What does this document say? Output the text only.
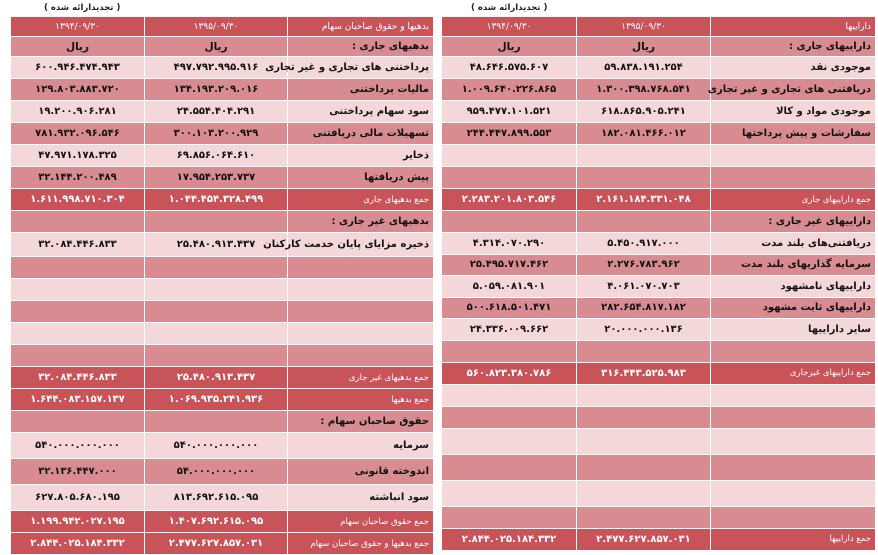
( تجدیدارائه شده )
۱۳۹۴/۰۹/۳۰	۱۳۹۵/۰۹/۳۰	بدهیها و حقوق صاحبان سهام
ریال	ریال	بدهیهای جاری :
۶۰۰.۹۴۶.۴۷۴.۹۴۳	۴۹۷.۷۹۲.۹۹۵.۹۱۶	پرداختنی های تجاری و غیر تجاری
۱۲۹.۸۰۳.۸۸۳.۷۲۰	۱۳۴.۱۹۳.۲۰۹.۰۱۶	مالیات پرداختنی
۱۹.۲۰۰.۹۰۶.۲۸۱	۲۴.۵۵۴.۴۰۴.۲۹۱	سود سهام پرداختنی
۷۸۱.۹۳۲.۰۹۶.۵۴۶	۳۰۰.۱۰۳.۲۰۰.۹۲۹	تسهیلات مالی دریافتنی
۴۷.۹۷۱.۱۷۸.۳۲۵	۶۹.۸۵۶.۰۶۴.۶۱۰	ذخایر
۳۲.۱۴۴.۲۰۰.۴۸۹	۱۷.۹۵۴.۲۵۳.۷۳۷	پیش دریافتها
۱.۶۱۱.۹۹۸.۷۱۰.۳۰۴	۱.۰۴۴.۴۵۴.۳۲۸.۴۹۹	جمع بدهیهای جاری
		بدهیهای غیر جاری :
۳۲.۰۸۴.۴۴۶.۸۳۳	۲۵.۴۸۰.۹۱۳.۴۳۷	ذخیره مزایای پایان خدمت کارکنان

۳۲.۰۸۴.۴۴۶.۸۳۳	۲۵.۴۸۰.۹۱۳.۴۳۷	جمع بدهیهای غیر جاری
۱.۶۴۴.۰۸۳.۱۵۷.۱۳۷	۱.۰۶۹.۹۳۵.۲۴۱.۹۳۶	جمع بدهیها
		حقوق صاحبان سهام :
۵۴۰.۰۰۰.۰۰۰.۰۰۰	۵۴۰.۰۰۰.۰۰۰.۰۰۰	سرمایه
۳۲.۱۳۶.۴۴۷.۰۰۰	۵۴.۰۰۰.۰۰۰.۰۰۰	اندوخته قانونی
۶۲۷.۸۰۵.۶۸۰.۱۹۵	۸۱۳.۶۹۲.۶۱۵.۰۹۵	سود انباشته
۱.۱۹۹.۹۴۲.۰۲۷.۱۹۵	۱.۴۰۷.۶۹۲.۶۱۵.۰۹۵	جمع حقوق صاحبان سهام
۲.۸۴۴.۰۲۵.۱۸۴.۳۳۲	۲.۴۷۷.۶۲۷.۸۵۷.۰۳۱	جمع بدهیها و حقوق صاحبان سهام
( تجدیدارائه شده )
۱۳۹۴/۰۹/۳۰	۱۳۹۵/۰۹/۳۰	داراییها
ریال	ریال	داراییهای جاری :
۴۸.۶۴۶.۵۷۵.۶۰۷	۵۹.۸۳۸.۱۹۱.۲۵۴	موجودی نقد
۱.۰۰۹.۶۴۰.۲۲۶.۸۶۵	۱.۳۰۰.۳۹۸.۷۶۸.۵۴۱	دریافتنی های تجاری و غیر تجاری
۹۵۹.۴۷۷.۱۰۱.۵۲۱	۶۱۸.۸۶۵.۹۰۵.۲۴۱	موجودی مواد و کالا
۲۴۴.۴۴۷.۸۹۹.۵۵۳	۱۸۲.۰۸۱.۴۶۶.۰۱۲	سفارشات و پیش پرداختها

۲.۲۸۳.۲۰۱.۸۰۳.۵۴۶	۲.۱۶۱.۱۸۴.۳۳۱.۰۴۸	جمع داراییهای جاری
		داراییهای غیر جاری :
۴.۳۱۴.۰۷۰.۲۹۰	۵.۴۵۰.۹۱۷.۰۰۰	دریافتنی‌های بلند مدت
۲۵.۴۹۵.۷۱۷.۴۶۲	۲.۲۷۶.۷۸۳.۹۶۲	سرمایه گذاریهای بلند مدت
۵.۰۵۹.۰۸۱.۹۰۱	۴.۰۶۱.۰۷۰.۷۰۳	داراییهای نامشهود
۵۰۰.۶۱۸.۵۰۱.۴۷۱	۲۸۲.۶۵۴.۸۱۷.۱۸۲	داراییهای ثابت مشهود
۲۴.۳۳۶.۰۰۹.۶۶۲	۲۰.۰۰۰.۰۰۰.۱۳۶	سایر داراییها

۵۶۰.۸۲۳.۳۸۰.۷۸۶	۳۱۶.۴۴۳.۵۲۵.۹۸۳	جمع داراییهای غیرجاری

۲.۸۴۴.۰۲۵.۱۸۴.۳۳۲	۲.۴۷۷.۶۲۷.۸۵۷.۰۳۱	جمع داراییها
